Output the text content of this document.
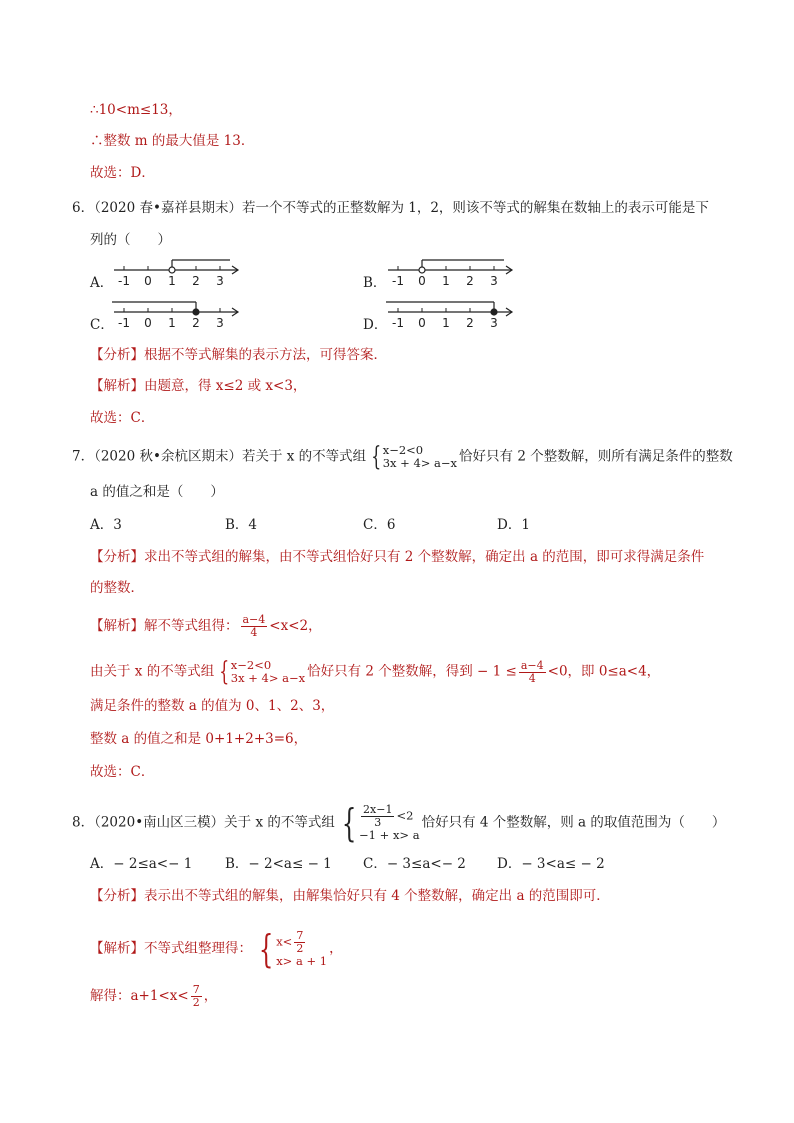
∴10<m≤13，
∴整数 m 的最大值是 13．
故选：D．
6．（2020 春•嘉祥县期末）若一个不等式的正整数解为 1，2，则该不等式的解集在数轴上的表示可能是下
列的（　　）
A． -1 0 1 2 3	B． -1 0 1 2 3
C． -1 0 1 2 3	D． -1 0 1 2 3
【分析】根据不等式解集的表示方法，可得答案．
【解析】由题意，得 x≤2 或 x<3，
故选：C．
7．（2020 秋•余杭区期末）若关于 x 的不等式组 { x−2<0
3x + 4> a−x 恰好只有 2 个整数解，则所有满足条件的整数
a 的值之和是（　　）
A．3	B．4	C．6	D．1
【分析】求出不等式组的解集，由不等式组恰好只有 2 个整数解，确定出 a 的范围，即可求得满足条件
的整数．
【解析】解不等式组得： $\frac{a-4}{4} <x<2$，
由关于 x 的不等式组 { x−2<0
3x + 4> a−x 恰好只有 2 个整数解，得到 − $1 \le \frac{a-4}{4} <0$，即 0≤a<4，
满足条件的整数 a 的值为 0、1、2、3，
整数 a 的值之和是 0+1+2+3=6，
故选：C．
8．（2020•南山区三模）关于 x 的不等式组 { $\frac{2x-1}{3} <2$
−1 + x> a
恰好只有 4 个整数解，则 a 的取值范围为（　　）
A．− 2≤a<− 1 B．− 2<a≤ − 1 C．− 3≤a<− 2 D．− 3<a≤ − 2
【分析】表示出不等式组的解集，由解集恰好只有 4 个整数解，确定出 a 的范围即可．
【解析】不等式组整理得： { $x< \frac{7}{2}$
x> a + 1
，
解得：$a+1<x< \frac{7}{2}$ ，
